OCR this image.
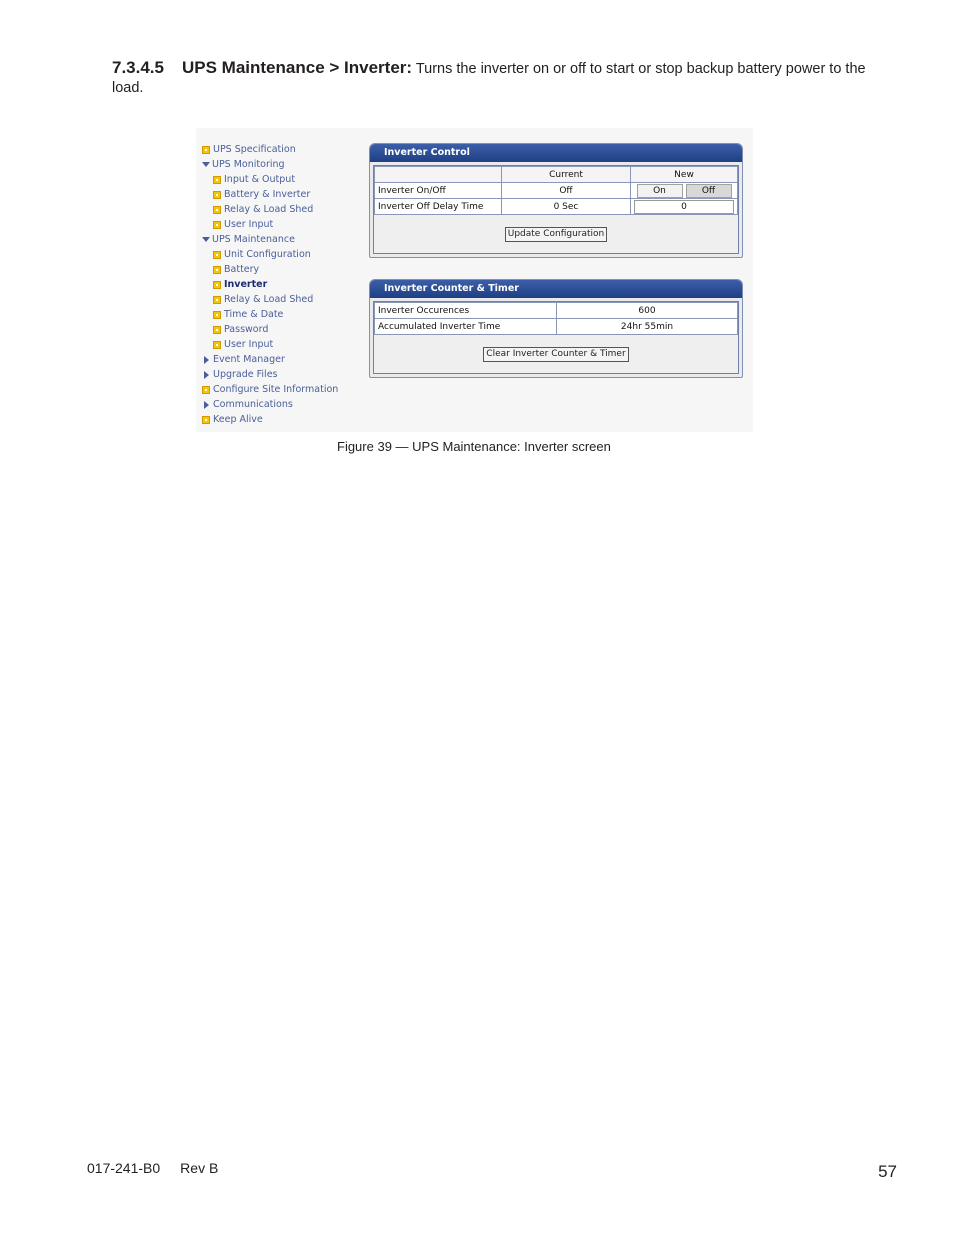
7.3.4.5 UPS Maintenance > Inverter: Turns the inverter on or off to start or stop backup battery power to the load.
UPS Specification
UPS Monitoring
Input & Output
Battery & Inverter
Relay & Load Shed
User Input
UPS Maintenance
Unit Configuration
Battery
Inverter
Relay & Load Shed
Time & Date
Password
User Input
Event Manager
Upgrade Files
Configure Site Information
Communications
Keep Alive
Inverter Control
	Current	New
Inverter On/Off	Off	On Off

Inverter Off Delay Time	0 Sec	0
Update Configuration
Inverter Counter & Timer
Inverter Occurences	600
Accumulated Inverter Time	24hr 55min
Clear Inverter Counter & Timer
Figure 39 — UPS Maintenance: Inverter screen
017-241-B0 Rev B	57
